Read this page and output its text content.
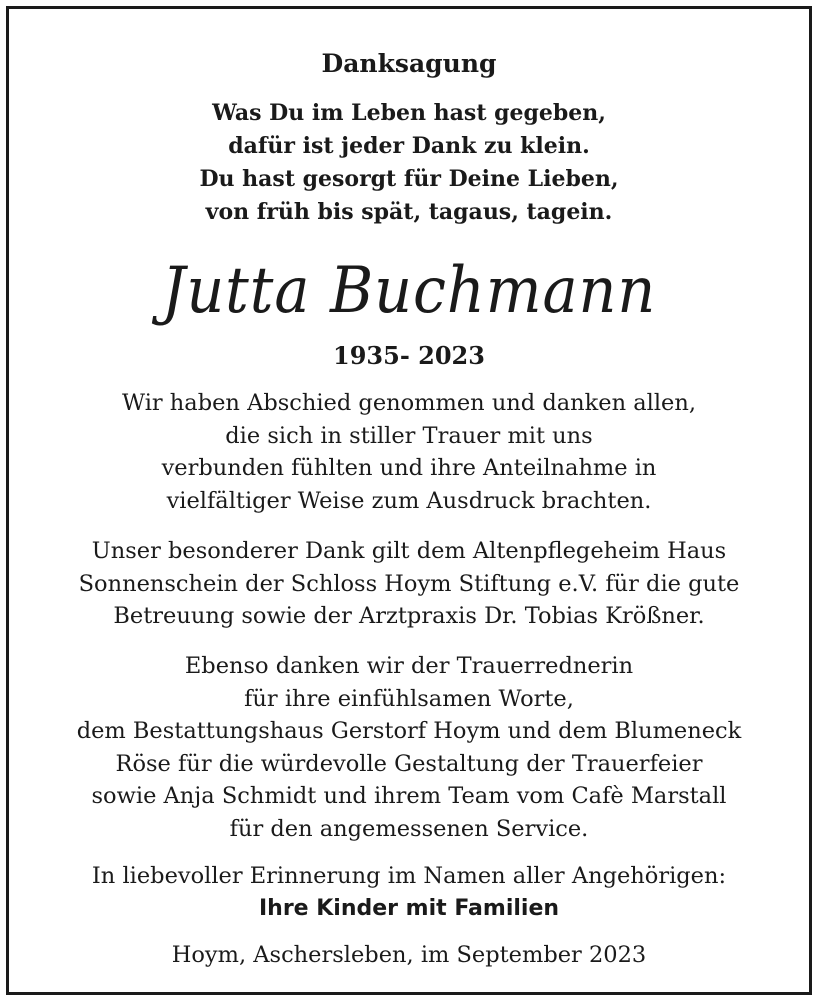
Danksagung
Was Du im Leben hast gegeben,
dafür ist jeder Dank zu klein.
Du hast gesorgt für Deine Lieben,
von früh bis spät, tagaus, tagein.
Jutta Buchmann
1935- 2023
Wir haben Abschied genommen und danken allen,
die sich in stiller Trauer mit uns
verbunden fühlten und ihre Anteilnahme in
vielfältiger Weise zum Ausdruck brachten.
Unser besonderer Dank gilt dem Altenpflegeheim Haus
Sonnenschein der Schloss Hoym Stiftung e.V. für die gute
Betreuung sowie der Arztpraxis Dr. Tobias Krößner.
Ebenso danken wir der Trauerrednerin
für ihre einfühlsamen Worte,
dem Bestattungshaus Gerstorf Hoym und dem Blumeneck
Röse für die würdevolle Gestaltung der Trauerfeier
sowie Anja Schmidt und ihrem Team vom Cafè Marstall
für den angemessenen Service.
In liebevoller Erinnerung im Namen aller Angehörigen:
Ihre Kinder mit Familien
Hoym, Aschersleben, im September 2023
